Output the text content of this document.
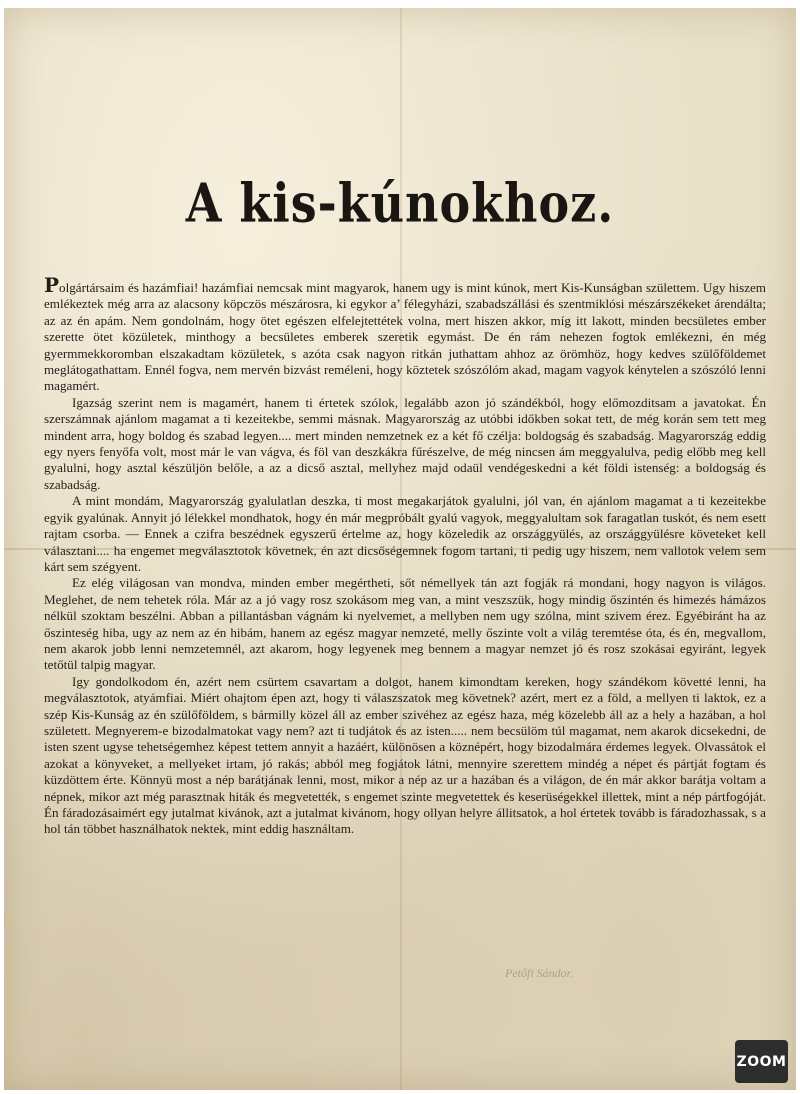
A kis-kúnokhoz.

Polgártársaim és hazámfiai! hazámfiai nemcsak mint magyarok, hanem ugy is mint kúnok, mert Kis-Kunságban születtem. Ugy hiszem emlékeztek még arra az alacsony köpczös mészárosra, ki egykor a’ félegyházi, szabadszállási és szentmiklósi mészárszékeket árendálta; az az én apám. Nem gondolnám, hogy ötet egészen elfelejtettétek volna, mert hiszen akkor, míg itt lakott, minden becsületes ember szerette ötet közületek, minthogy a becsületes emberek szeretik egymást. De én rám nehezen fogtok emlékezni, én még gyermmekkoromban elszakadtam közületek, s azóta csak nagyon ritkán juthattam ahhoz az örömhöz, hogy kedves szülőföldemet meglátogathattam. Ennél fogva, nem mervén bizvást reméleni, hogy köztetek szószólóm akad, magam vagyok kénytelen a szószóló lenni magamért.

Igazság szerint nem is magamért, hanem ti értetek szólok, legalább azon jó szándékból, hogy előmozditsam a javatokat. Én szerszámnak ajánlom magamat a ti kezeitekbe, semmi másnak. Magyarország az utóbbi időkben sokat tett, de még korán sem tett meg mindent arra, hogy boldog és szabad legyen.... mert minden nemzetnek ez a két fő czélja: boldogság és szabadság. Magyarország eddig egy nyers fenyőfa volt, most már le van vágva, és föl van deszkákra fűrészelve, de még nincsen ám meggyalulva, pedig előbb meg kell gyalulni, hogy asztal készüljön belőle, a az a dicső asztal, mellyhez majd odaül vendégeskedni a két földi istenség: a boldogság és szabadság.

A mint mondám, Magyarország gyalulatlan deszka, ti most megakarjátok gyalulni, jól van, én ajánlom magamat a ti kezeitekbe egyik gyalúnak. Annyit jó lélekkel mondhatok, hogy én már megpróbált gyalú vagyok, meggyalultam sok faragatlan tuskót, és nem esett rajtam csorba. — Ennek a czifra beszédnek egyszerű értelme az, hogy közeledik az országgyülés, az országgyülésre követeket kell választani.... ha engemet megválasztotok követnek, én azt dicsőségemnek fogom tartani, ti pedig ugy hiszem, nem vallotok velem sem kárt sem szégyent.

Ez elég világosan van mondva, minden ember megértheti, sőt némellyek tán azt fogják rá mondani, hogy nagyon is világos. Meglehet, de nem tehetek róla. Már az a jó vagy rosz szokásom meg van, a mint veszszük, hogy mindig őszintén és himezés hámázos nélkül szoktam beszélni. Abban a pillantásban vágnám ki nyelvemet, a mellyben nem ugy szólna, mint szivem érez. Egyébiránt ha az őszinteség hiba, ugy az nem az én hibám, hanem az egész magyar nemzeté, melly őszinte volt a világ teremtése óta, és én, megvallom, nem akarok jobb lenni nemzetemnél, azt akarom, hogy legyenek meg bennem a magyar nemzet jó és rosz szokásai egyiránt, legyek tetőtül talpig magyar.

Igy gondolkodom én, azért nem csürtem csavartam a dolgot, hanem kimondtam kereken, hogy szándékom követté lenni, ha megválasztotok, atyámfiai. Miért ohajtom épen azt, hogy ti válaszszatok meg követnek? azért, mert ez a föld, a mellyen ti laktok, ez a szép Kis-Kunság az én szülőföldem, s bármilly közel áll az ember szivéhez az egész haza, még közelebb áll az a hely a hazában, a hol született. Megnyerem-e bizodalmatokat vagy nem? azt ti tudjátok és az isten..... nem becsülöm túl magamat, nem akarok dicsekedni, de isten szent ugyse tehetségemhez képest tettem annyit a hazáért, különösen a köznépért, hogy bizodalmára érdemes legyek. Olvassátok el azokat a könyveket, a mellyeket irtam, jó rakás; abból meg fogjátok látni, mennyire szerettem mindég a népet és pártját fogtam és küzdöttem érte. Könnyü most a nép barátjának lenni, most, mikor a nép az ur a hazában és a világon, de én már akkor barátja voltam a népnek, mikor azt még parasztnak hiták és megvetették, s engemet szinte megvetettek és keserüségekkel illettek, mint a nép pártfogóját. Én fáradozásaimért egy jutalmat kivánok, azt a jutalmat kivánom, hogy ollyan helyre állitsatok, a hol értetek tovább is fáradozhassak, s a hol tán többet használhatok nektek, mint eddig használtam.

Petőfi Sándor.
ZOOM
